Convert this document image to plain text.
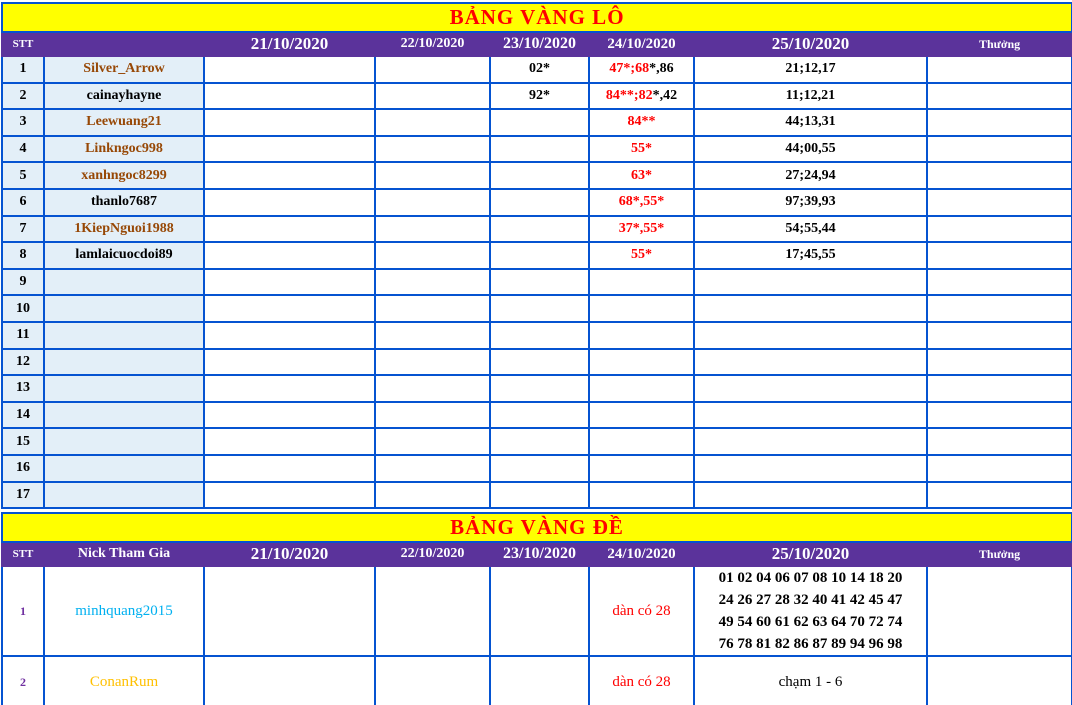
BẢNG VÀNG LÔ							
STT		21/10/2020	22/10/2020	23/10/2020	24/10/2020	25/10/2020	Thưởng
1	Silver_Arrow			02*	47*;68*,86	21;12,17	
2	cainayhayne			92*	84**;82*,42	11;12,21	
3	Leewuang21				84**	44;13,31	
4	Linkngoc998				55*	44;00,55	
5	xanhngoc8299				63*	27;24,94	
6	thanlo7687				68*,55*	97;39,93	
7	1KiepNguoi1988				37*,55*	54;55,44	
8	lamlaicuocdoi89				55*	17;45,55	
9							
10							
11							
12							
13							
14							
15							
16							
17							
BẢNG VÀNG ĐỀ							
STT	Nick Tham Gia	21/10/2020	22/10/2020	23/10/2020	24/10/2020	25/10/2020	Thưởng
1	minhquang2015				dàn có 28	01 02 04 06 07 08 10 14 18 20
24 26 27 28 32 40 41 42 45 47
49 54 60 61 62 63 64 70 72 74
76 78 81 82 86 87 89 94 96 98	

2	ConanRum				dàn có 28	chạm 1 - 6	
